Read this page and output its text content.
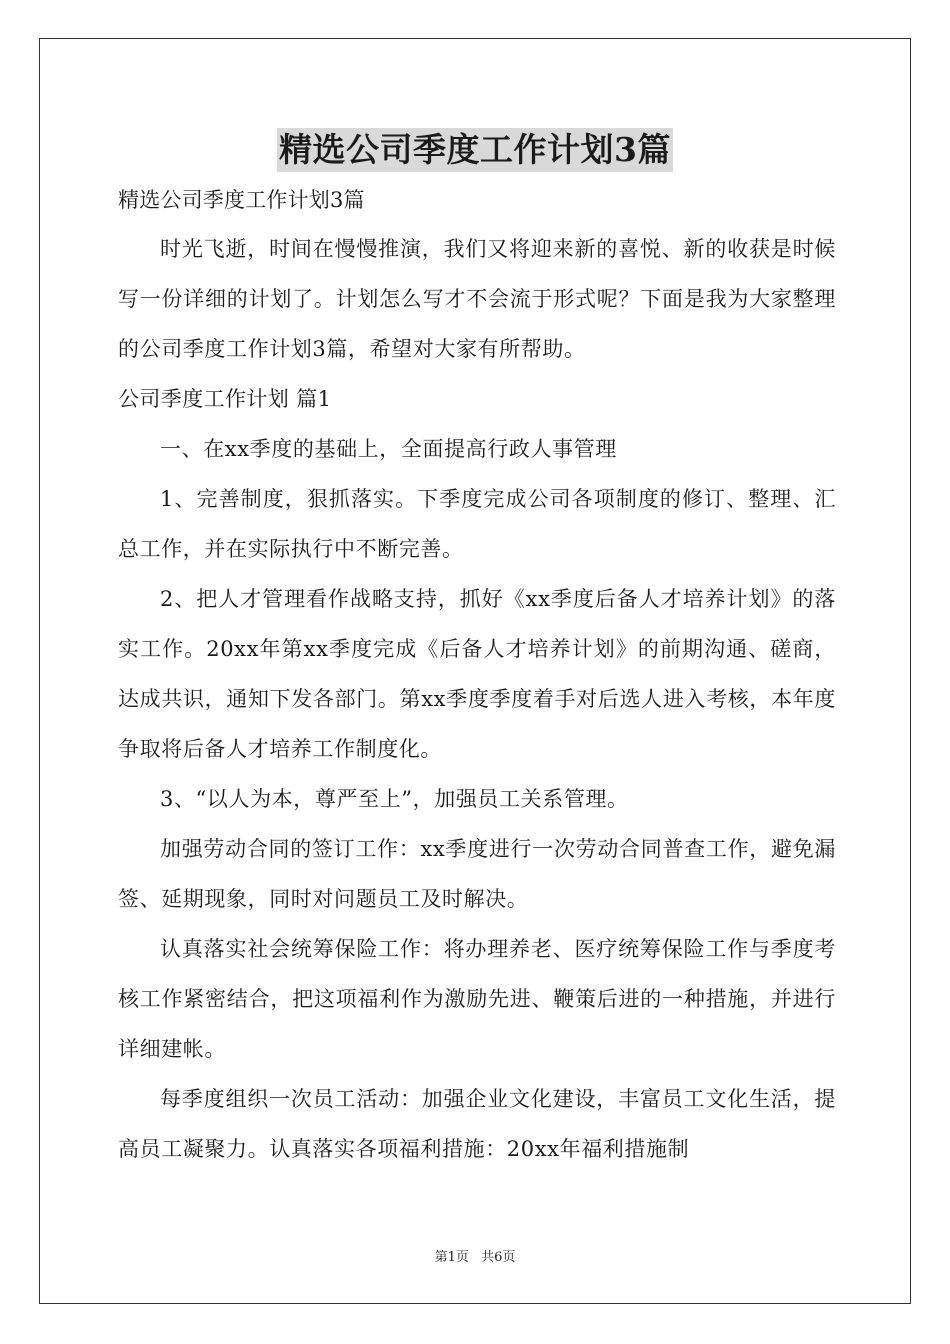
精选公司季度工作计划3篇
精选公司季度工作计划3篇

时光飞逝，时间在慢慢推演，我们又将迎来新的喜悦、新的收获是时候写一份详细的计划了。计划怎么写才不会流于形式呢？下面是我为大家整理的公司季度工作计划3篇，希望对大家有所帮助。

公司季度工作计划 篇1

一、在xx季度的基础上，全面提高行政人事管理

1、完善制度，狠抓落实。下季度完成公司各项制度的修订、整理、汇总工作，并在实际执行中不断完善。

2、把人才管理看作战略支持，抓好《xx季度后备人才培养计划》的落实工作。20xx年第xx季度完成《后备人才培养计划》的前期沟通、磋商，达成共识，通知下发各部门。第xx季度季度着手对后选人进入考核，本年度争取将后备人才培养工作制度化。

3、“以人为本，尊严至上”，加强员工关系管理。

加强劳动合同的签订工作：xx季度进行一次劳动合同普查工作，避免漏签、延期现象，同时对问题员工及时解决。

认真落实社会统筹保险工作：将办理养老、医疗统筹保险工作与季度考核工作紧密结合，把这项福利作为激励先进、鞭策后进的一种措施，并进行详细建帐。

每季度组织一次员工活动：加强企业文化建设，丰富员工文化生活，提高员工凝聚力。认真落实各项福利措施：20xx年福利措施制

第1页 共6页
